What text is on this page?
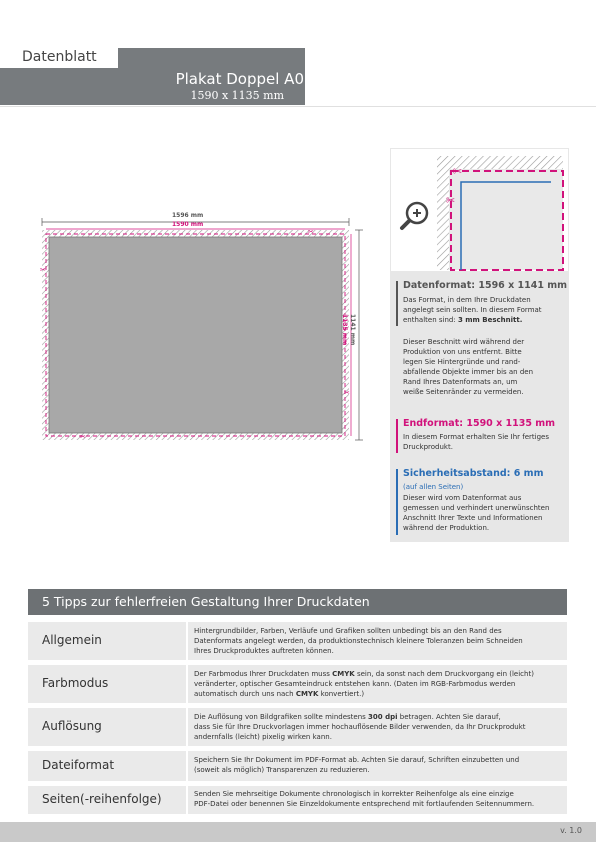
Datenblatt
Plakat Doppel A0
1590 x 1135 mm
✂
✂
✂
✂
1596 mm
1590 mm
1141 mm
1135 mm
✂
✂
Datenformat: 1596 x 1141 mm
Das Format, in dem Ihre Druckdaten
angelegt sein sollten. In diesem Format
enthalten sind: 3 mm Beschnitt.
Dieser Beschnitt wird während der
Produktion von uns entfernt. Bitte
legen Sie Hintergründe und rand-
abfallende Objekte immer bis an den
Rand Ihres Datenformats an, um
weiße Seitenränder zu vermeiden.
Endformat: 1590 x 1135 mm
In diesem Format erhalten Sie Ihr fertiges
Druckprodukt.
Sicherheitsabstand: 6 mm
(auf allen Seiten)
Dieser wird vom Datenformat aus
gemessen und verhindert unerwünschten
Anschnitt Ihrer Texte und Informationen
während der Produktion.
5 Tipps zur fehlerfreien Gestaltung Ihrer Druckdaten
Allgemein
Hintergrundbilder, Farben, Verläufe und Grafiken sollten unbedingt bis an den Rand des
Datenformats angelegt werden, da produktionstechnisch kleinere Toleranzen beim Schneiden
Ihres Druckproduktes auftreten können.
Farbmodus
Der Farbmodus Ihrer Druckdaten muss CMYK sein, da sonst nach dem Druckvorgang ein (leicht)
veränderter, optischer Gesamteindruck entstehen kann. (Daten im RGB-Farbmodus werden
automatisch durch uns nach CMYK konvertiert.)
Auflösung
Die Auflösung von Bildgrafiken sollte mindestens 300 dpi betragen. Achten Sie darauf,
dass Sie für Ihre Druckvorlagen immer hochauflösende Bilder verwenden, da Ihr Druckprodukt
andernfalls (leicht) pixelig wirken kann.
Dateiformat	Speichern Sie Ihr Dokument im PDF-Format ab. Achten Sie darauf, Schriften einzubetten und
(soweit als möglich) Transparenzen zu reduzieren.
Seiten(-reihenfolge)	Senden Sie mehrseitige Dokumente chronologisch in korrekter Reihenfolge als eine einzige
PDF-Datei oder benennen Sie Einzeldokumente entsprechend mit fortlaufenden Seitennummern.
v. 1.0
